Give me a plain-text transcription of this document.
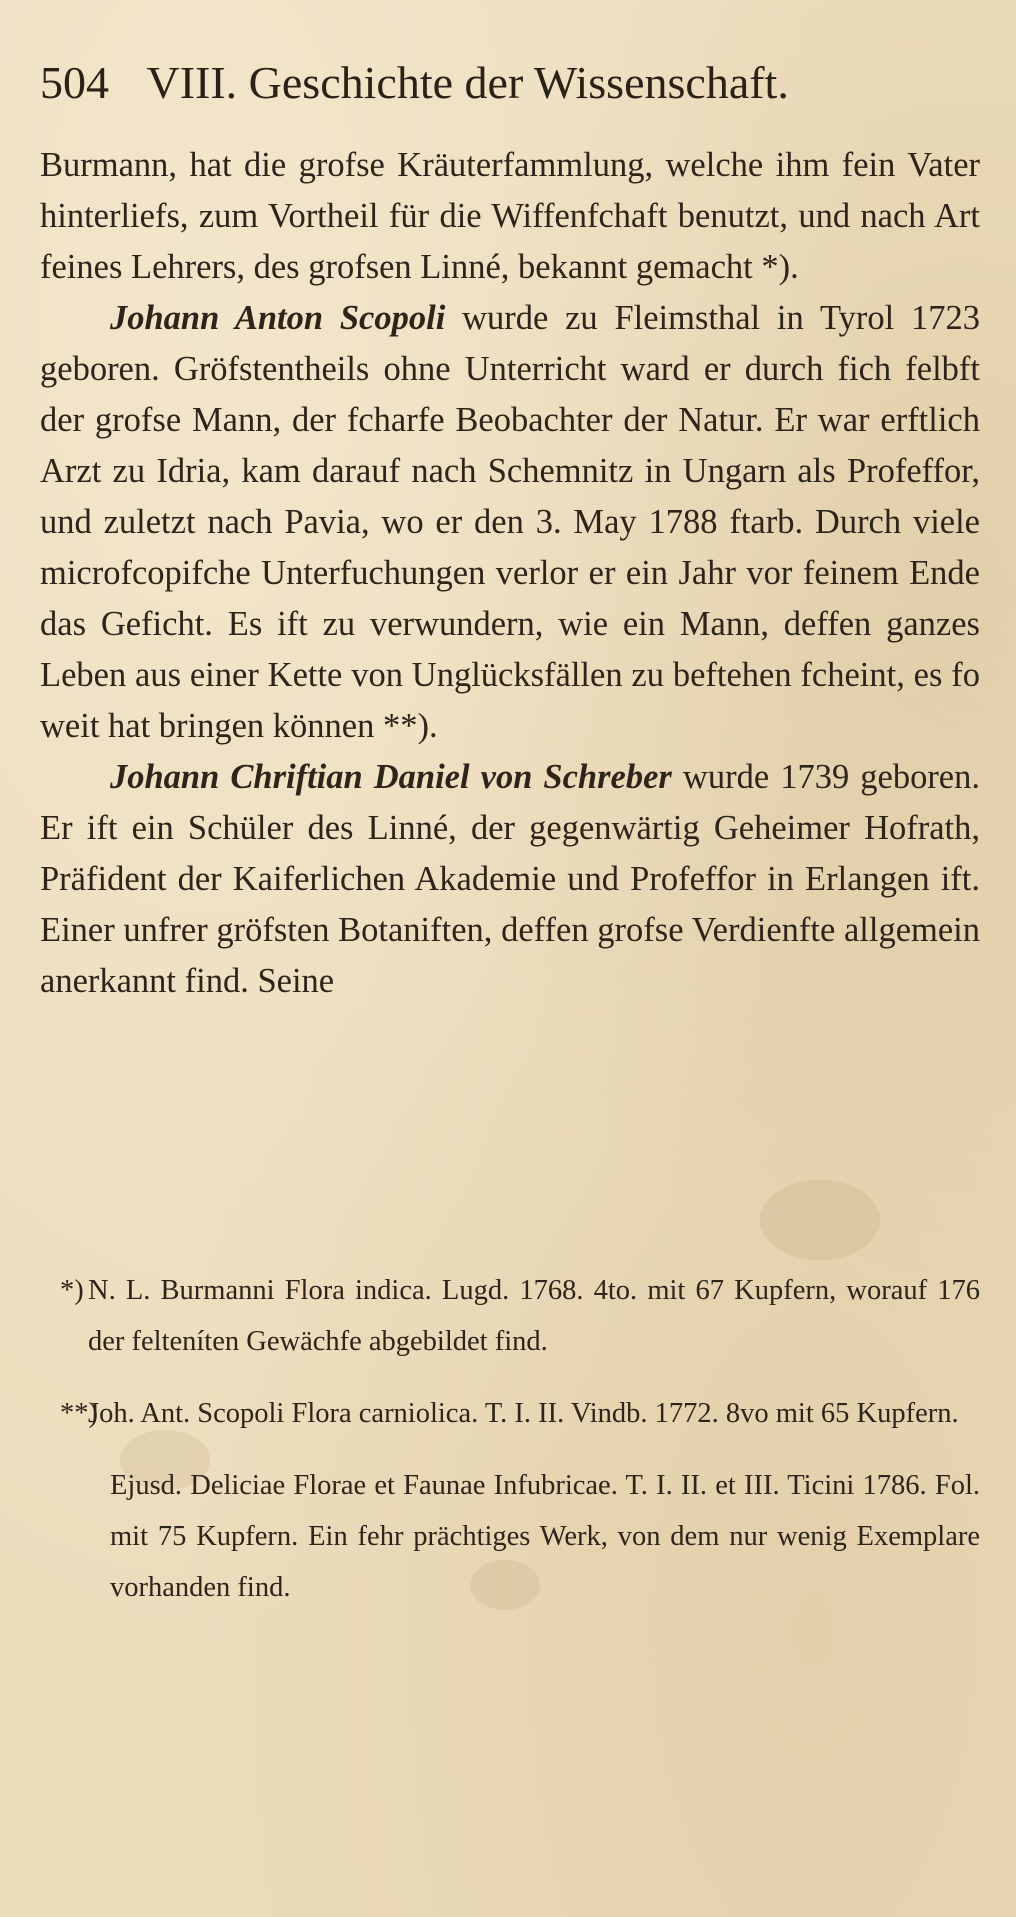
504 VIII. Geschichte der Wissenschaft.

Burmann, hat die grofse Kräuterfammlung, welche ihm fein Vater hinterliefs, zum Vortheil für die Wiffenfchaft benutzt, und nach Art feines Lehrers, des grofsen Linné, bekannt gemacht *).

Johann Anton Scopoli wurde zu Fleimsthal in Tyrol 1723 geboren. Gröfstentheils ohne Unterricht ward er durch fich felbft der grofse Mann, der fcharfe Beobachter der Natur. Er war erftlich Arzt zu Idria, kam darauf nach Schemnitz in Ungarn als Profeffor, und zuletzt nach Pavia, wo er den 3. May 1788 ftarb. Durch viele microfcopifche Unterfuchungen verlor er ein Jahr vor feinem Ende das Geficht. Es ift zu verwundern, wie ein Mann, deffen ganzes Leben aus einer Kette von Unglücksfällen zu beftehen fcheint, es fo weit hat bringen können **).

Johann Chriftian Daniel von Schreber wurde 1739 geboren. Er ift ein Schüler des Linné, der gegenwärtig Geheimer Hofrath, Präfident der Kaiferlichen Akademie und Profeffor in Erlangen ift. Einer unfrer gröfsten Botaniften, deffen grofse Verdienfte allgemein anerkannt find. Seine

*) N. L. Burmanni Flora indica. Lugd. 1768. 4to. mit 67 Kupfern, worauf 176 der felteníten Gewächfe abgebildet find.

**)
Joh. Ant. Scopoli Flora carniolica. T. I. II. Vindb. 1772. 8vo mit 65 Kupfern.

Ejusd. Deliciae Florae et Faunae Infubricae. T. I. II. et III. Ticini 1786. Fol. mit 75 Kupfern. Ein fehr prächtiges Werk, von dem nur wenig Exemplare vorhanden find.
